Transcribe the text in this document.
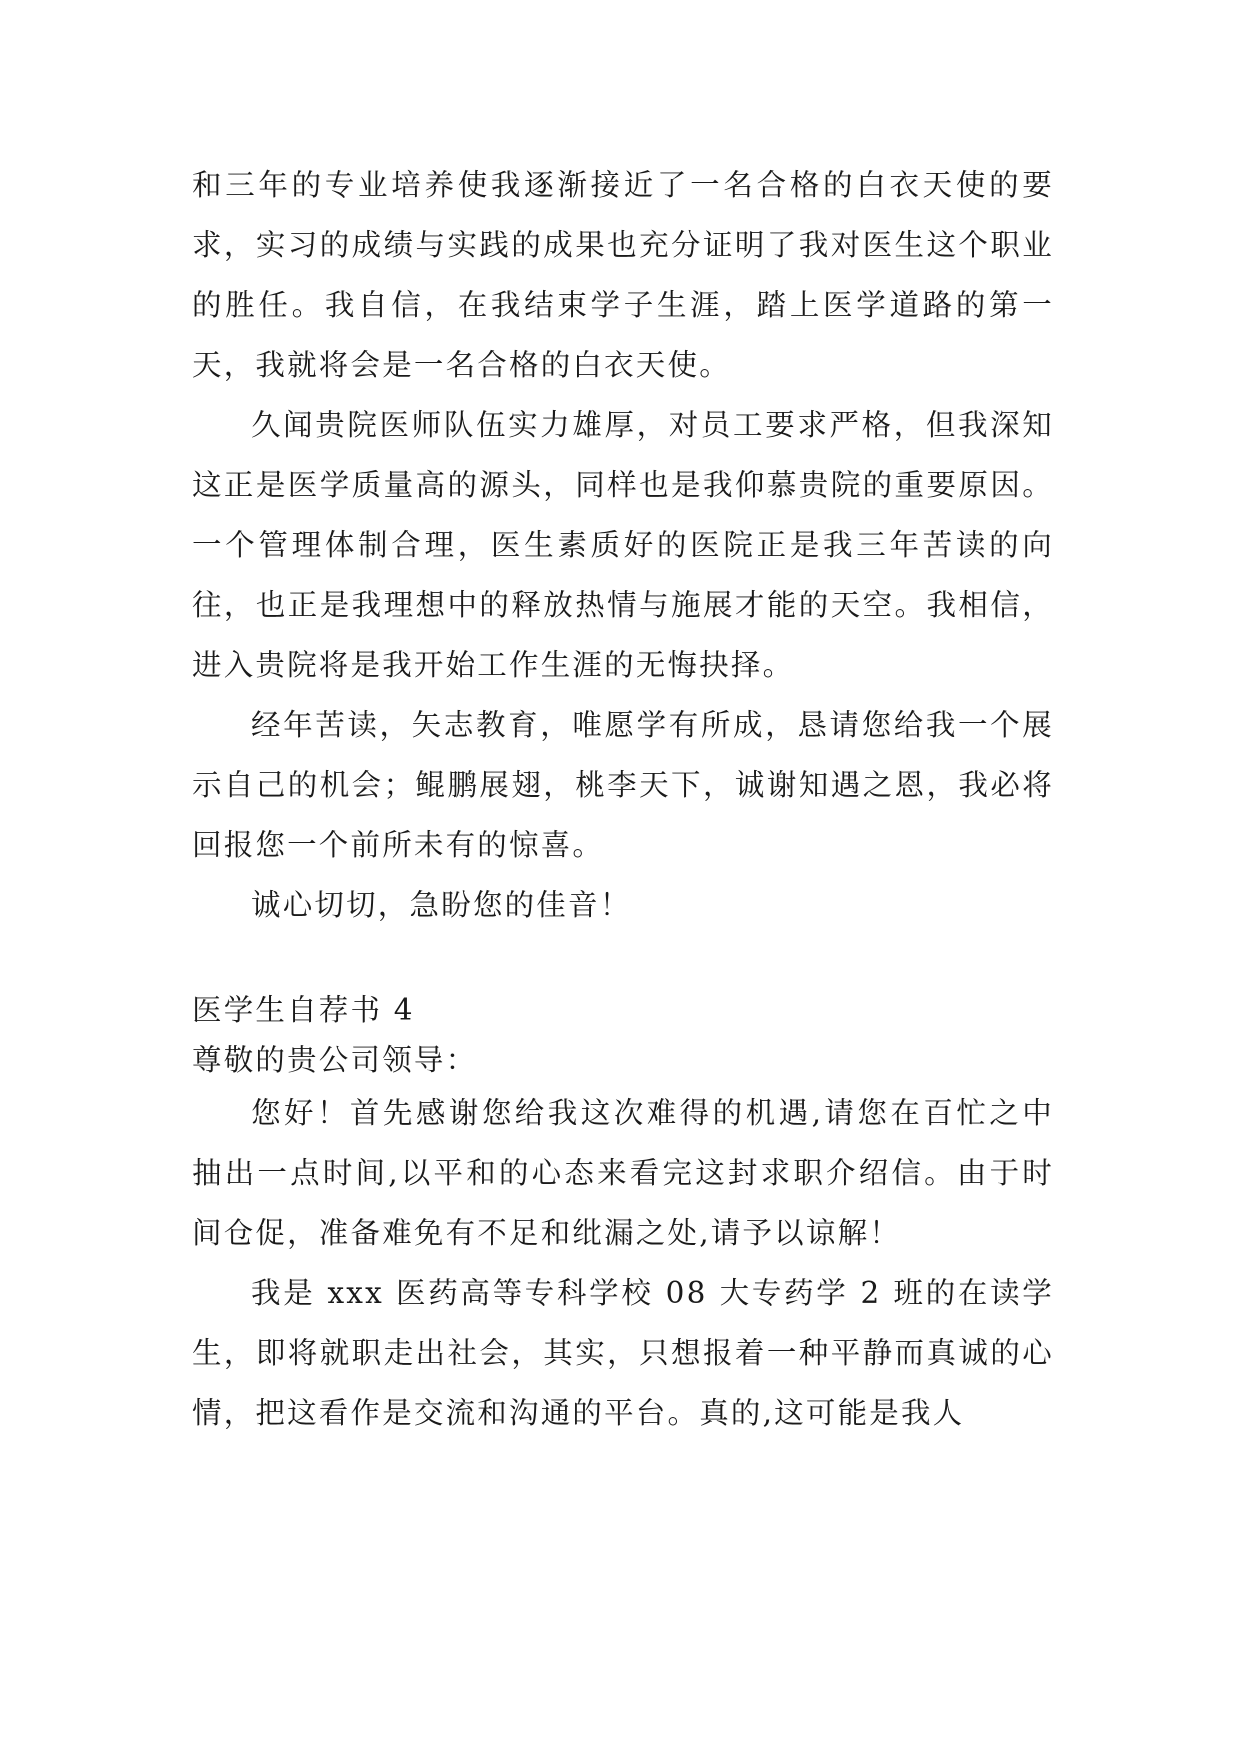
和三年的专业培养使我逐渐接近了一名合格的白衣天使的要求，实习的成绩与实践的成果也充分证明了我对医生这个职业的胜任。我自信，在我结束学子生涯，踏上医学道路的第一天，我就将会是一名合格的白衣天使。

久闻贵院医师队伍实力雄厚，对员工要求严格，但我深知这正是医学质量高的源头，同样也是我仰慕贵院的重要原因。一个管理体制合理，医生素质好的医院正是我三年苦读的向往，也正是我理想中的释放热情与施展才能的天空。我相信，进入贵院将是我开始工作生涯的无悔抉择。

经年苦读，矢志教育，唯愿学有所成，恳请您给我一个展示自己的机会；鲲鹏展翅，桃李天下，诚谢知遇之恩，我必将回报您一个前所未有的惊喜。

诚心切切，急盼您的佳音！

医学生自荐书 4

尊敬的贵公司领导：

您好！首先感谢您给我这次难得的机遇,请您在百忙之中抽出一点时间,以平和的心态来看完这封求职介绍信。由于时间仓促，准备难免有不足和纰漏之处,请予以谅解！

我是 xxx 医药高等专科学校 08 大专药学 2 班的在读学生，即将就职走出社会，其实，只想报着一种平静而真诚的心情，把这看作是交流和沟通的平台。真的,这可能是我人
